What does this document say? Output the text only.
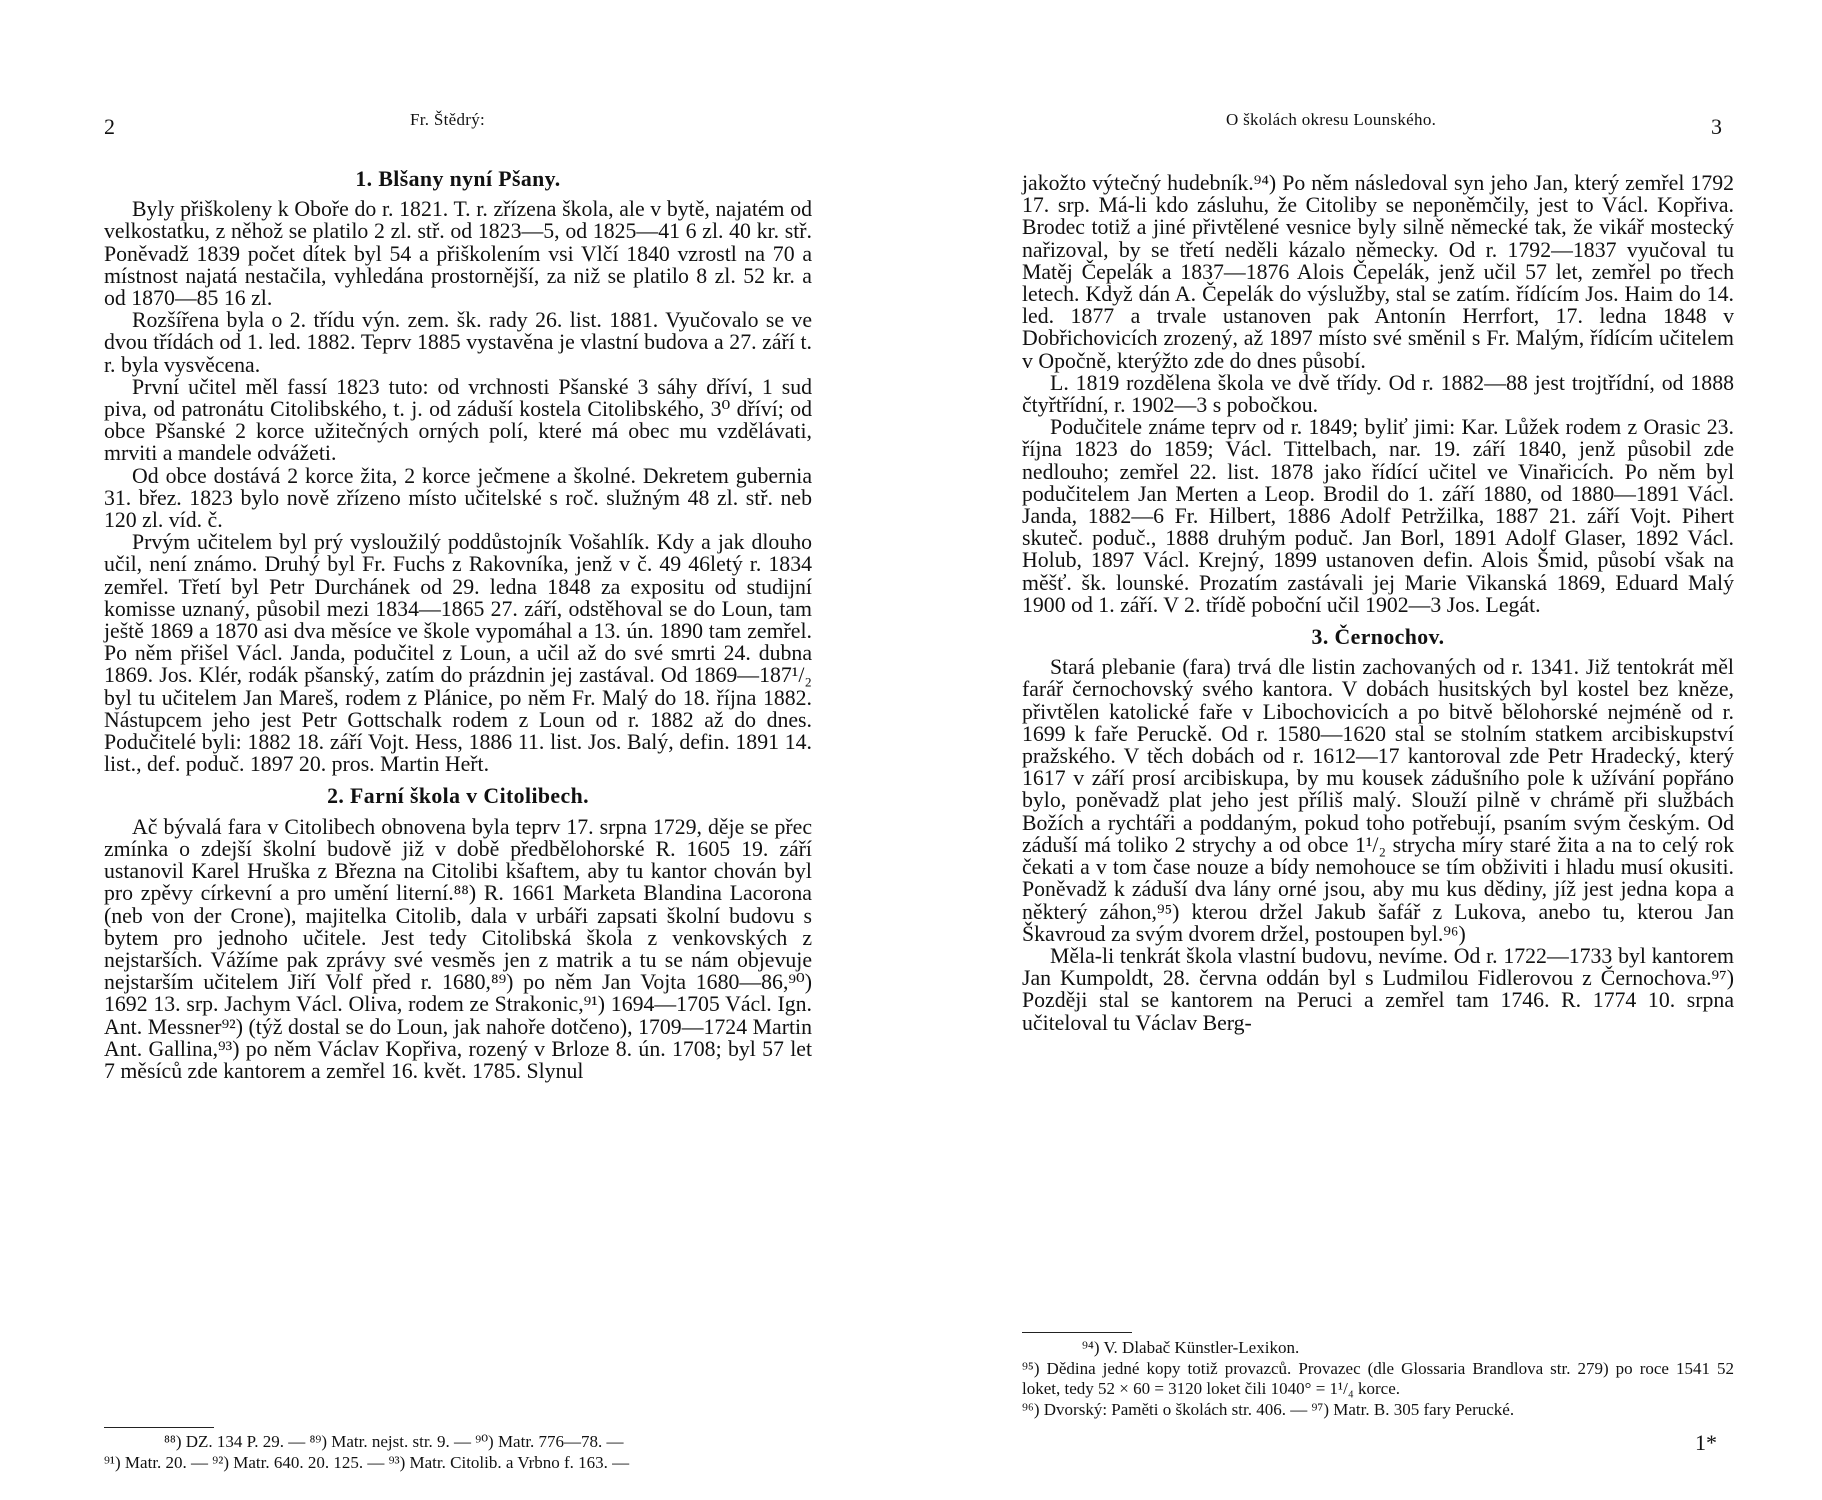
2	Fr. Štědrý:
1. Blšany nyní Pšany.

Byly přiškoleny k Oboře do r. 1821. T. r. zřízena škola, ale v bytě, najatém od velkostatku, z něhož se platilo 2 zl. stř. od 1823—5, od 1825—41 6 zl. 40 kr. stř. Poněvadž 1839 počet dítek byl 54 a přiškolením vsi Vlčí 1840 vzrostl na 70 a místnost najatá nestačila, vyhledána prostornější, za niž se platilo 8 zl. 52 kr. a od 1870—85 16 zl.

Rozšířena byla o 2. třídu výn. zem. šk. rady 26. list. 1881. Vyučovalo se ve dvou třídách od 1. led. 1882. Teprv 1885 vystavěna je vlastní budova a 27. září t. r. byla vysvěcena.

První učitel měl fassí 1823 tuto: od vrchnosti Pšanské 3 sáhy dříví, 1 sud piva, od patronátu Citolibského, t. j. od záduší kostela Citolibského, 3⁰ dříví; od obce Pšanské 2 korce užitečných orných polí, které má obec mu vzdělávati, mrviti a mandele odvážeti.

Od obce dostává 2 korce žita, 2 korce ječmene a školné. Dekretem gubernia 31. břez. 1823 bylo nově zřízeno místo učitelské s roč. služným 48 zl. stř. neb 120 zl. víd. č.

Prvým učitelem byl prý vysloužilý poddůstojník Vošahlík. Kdy a jak dlouho učil, není známo. Druhý byl Fr. Fuchs z Rakovníka, jenž v č. 49 46letý r. 1834 zemřel. Třetí byl Petr Durchánek od 29. ledna 1848 za expositu od studijní komisse uznaný, působil mezi 1834—1865 27. září, odstěhoval se do Loun, tam ještě 1869 a 1870 asi dva měsíce ve škole vypomáhal a 13. ún. 1890 tam zemřel. Po něm přišel Václ. Janda, podučitel z Loun, a učil až do své smrti 24. dubna 1869. Jos. Klér, rodák pšanský, zatím do prázdnin jej zastával. Od 1869—187¹/₂ byl tu učitelem Jan Mareš, rodem z Plánice, po něm Fr. Malý do 18. října 1882. Nástupcem jeho jest Petr Gottschalk rodem z Loun od r. 1882 až do dnes. Podučitelé byli: 1882 18. září Vojt. Hess, 1886 11. list. Jos. Balý, defin. 1891 14. list., def. poduč. 1897 20. pros. Martin Heřt.

2. Farní škola v Citolibech.

Ač bývalá fara v Citolibech obnovena byla teprv 17. srpna 1729, děje se přec zmínka o zdejší školní budově již v době předbělohorské R. 1605 19. září ustanovil Karel Hruška z Března na Citolibi kšaftem, aby tu kantor chován byl pro zpěvy církevní a pro umění literní.⁸⁸) R. 1661 Marketa Blandina Lacorona (neb von der Crone), majitelka Citolib, dala v urbáři zapsati školní budovu s bytem pro jednoho učitele. Jest tedy Citolibská škola z venkovských z nejstarších. Vážíme pak zprávy své vesměs jen z matrik a tu se nám objevuje nejstarším učitelem Jiří Volf před r. 1680,⁸⁹) po něm Jan Vojta 1680—86,⁹⁰) 1692 13. srp. Jachym Václ. Oliva, rodem ze Strakonic,⁹¹) 1694—1705 Václ. Ign. Ant. Messner⁹²) (týž dostal se do Loun, jak nahoře dotčeno), 1709—1724 Martin Ant. Gallina,⁹³) po něm Václav Kopřiva, rozený v Brloze 8. ún. 1708; byl 57 let 7 měsíců zde kantorem a zemřel 16. květ. 1785. Slynul

⁸⁸) DZ. 134 P. 29. — ⁸⁹) Matr. nejst. str. 9. — ⁹⁰) Matr. 776—78. —
⁹¹) Matr. 20. — ⁹²) Matr. 640. 20. 125. — ⁹³) Matr. Citolib. a Vrbno f. 163. —
O školách okresu Lounského.	3

jakožto výtečný hudebník.⁹⁴) Po něm následoval syn jeho Jan, který zemřel 1792 17. srp. Má-li kdo zásluhu, že Citoliby se neponěmčily, jest to Václ. Kopřiva. Brodec totiž a jiné přivtělené vesnice byly silně německé tak, že vikář mostecký nařizoval, by se třetí neděli kázalo německy. Od r. 1792—1837 vyučoval tu Matěj Čepelák a 1837—1876 Alois Čepelák, jenž učil 57 let, zemřel po třech letech. Když dán A. Čepelák do výslužby, stal se zatím. řídícím Jos. Haim do 14. led. 1877 a trvale ustanoven pak Antonín Herrfort, 17. ledna 1848 v Dobřichovicích zrozený, až 1897 místo své směnil s Fr. Malým, řídícím učitelem v Opočně, kterýžto zde do dnes působí.

L. 1819 rozdělena škola ve dvě třídy. Od r. 1882—88 jest trojtřídní, od 1888 čtyřtřídní, r. 1902—3 s pobočkou.

Podučitele známe teprv od r. 1849; byliť jimi: Kar. Lůžek rodem z Orasic 23. října 1823 do 1859; Václ. Tittelbach, nar. 19. září 1840, jenž působil zde nedlouho; zemřel 22. list. 1878 jako řídící učitel ve Vinařicích. Po něm byl podučitelem Jan Merten a Leop. Brodil do 1. září 1880, od 1880—1891 Václ. Janda, 1882—6 Fr. Hilbert, 1886 Adolf Petržilka, 1887 21. září Vojt. Pihert skuteč. poduč., 1888 druhým poduč. Jan Borl, 1891 Adolf Glaser, 1892 Václ. Holub, 1897 Václ. Krejný, 1899 ustanoven defin. Alois Šmid, působí však na měšť. šk. lounské. Prozatím zastávali jej Marie Vikanská 1869, Eduard Malý 1900 od 1. září. V 2. třídě poboční učil 1902—3 Jos. Legát.

3. Černochov.

Stará plebanie (fara) trvá dle listin zachovaných od r. 1341. Již tentokrát měl farář černochovský svého kantora. V dobách husitských byl kostel bez kněze, přivtělen katolické faře v Libochovicích a po bitvě bělohorské nejméně od r. 1699 k faře Peruckě. Od r. 1580—1620 stal se stolním statkem arcibiskupství pražského. V těch dobách od r. 1612—17 kantoroval zde Petr Hradecký, který 1617 v září prosí arcibiskupa, by mu kousek zádušního pole k užívání popřáno bylo, poněvadž plat jeho jest příliš malý. Slouží pilně v chrámě při službách Božích a rychtáři a poddaným, pokud toho potřebují, psaním svým českým. Od záduší má toliko 2 strychy a od obce 1¹/₂ strycha míry staré žita a na to celý rok čekati a v tom čase nouze a bídy nemohouce se tím obživiti i hladu musí okusiti. Poněvadž k záduší dva lány orné jsou, aby mu kus dědiny, jíž jest jedna kopa a některý záhon,⁹⁵) kterou držel Jakub šafář z Lukova, anebo tu, kterou Jan Škavroud za svým dvorem držel, postoupen byl.⁹⁶)

Měla-li tenkrát škola vlastní budovu, nevíme. Od r. 1722—1733 byl kantorem Jan Kumpoldt, 28. června oddán byl s Ludmilou Fidlerovou z Černochova.⁹⁷) Později stal se kantorem na Peruci a zemřel tam 1746. R. 1774 10. srpna učiteloval tu Václav Berg-

⁹⁴) V. Dlabač Künstler-Lexikon.
⁹⁵) Dědina jedné kopy totiž provazců. Provazec (dle Glossaria Brandlova str. 279) po roce 1541 52 loket, tedy 52 × 60 = 3120 loket čili 1040° = 1¹/₄ korce.
⁹⁶) Dvorský: Paměti o školách str. 406. — ⁹⁷) Matr. B. 305 fary Perucké.
1*
